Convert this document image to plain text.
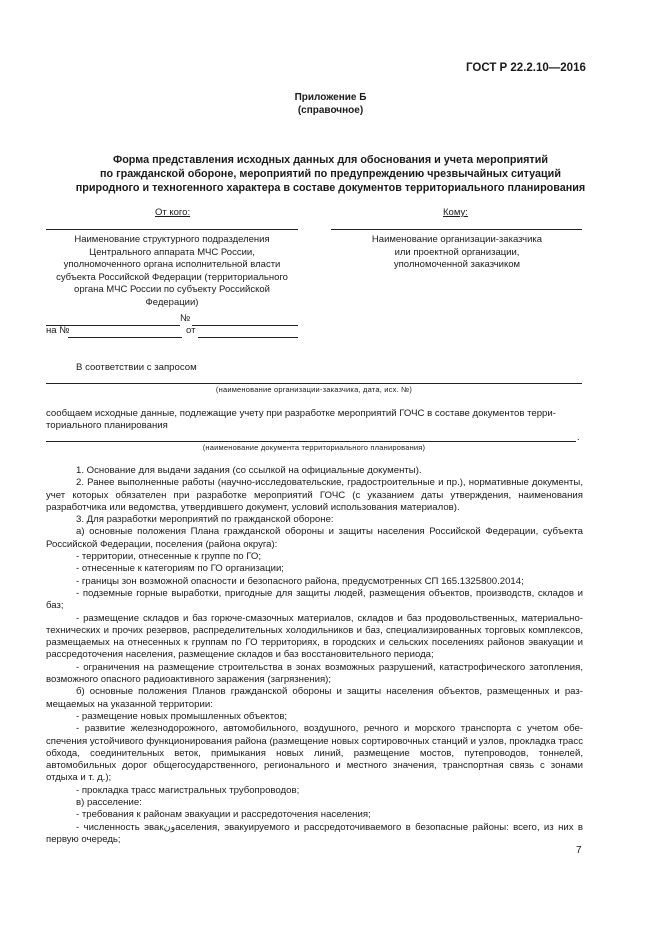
ГОСТ Р 22.2.10—2016
Приложение Б
(справочное)
Форма представления исходных данных для обоснования и учета мероприятий
по гражданской обороне, мероприятий по предупреждению чрезвычайных ситуаций
природного и техногенного характера в составе документов территориального планирования
От кого:	Кому:
Наименование структурного подразделения
Центрального аппарата МЧС России,
уполномоченного органа исполнительной власти
субъекта Российской Федерации (территориального
органа МЧС России по субъекту Российской
Федерации)
Наименование организации-заказчика
или проектной организации,
уполномоченной заказчиком
№
на №	от
В соответствии с запросом
(наименование организации-заказчика, дата, исх. №)
сообщаем исходные данные, подлежащие учету при разработке мероприятий ГОЧС в составе документов терри-
ториального планирования
.
(наименование документа территориального планирования)

1. Основание для выдачи задания (со ссылкой на официальные документы).

2. Ранее выполненные работы (научно-исследовательские, градостроительные и пр.), нормативные документы, учет которых обязателен при разработке мероприятий ГОЧС (с указанием даты утверждения, наименования разработчика или ведомства, утвердившего документ, условий использования материалов).

3. Для разработки мероприятий по гражданской обороне:

а) основные положения Плана гражданской обороны и защиты населения Российской Федерации, субъекта Российской Федерации, поселения (района округа):

- территории, отнесенные к группе по ГО;

- отнесенные к категориям по ГО организации;

- границы зон возможной опасности и безопасного района, предусмотренных СП 165.1325800.2014;

- подземные горные выработки, пригодные для защиты людей, размещения объектов, производств, складов и баз;

- размещение складов и баз горюче-смазочных материалов, складов и баз продовольственных, материально-технических и прочих резервов, распределительных холодильников и баз, специализированных торговых комплексов, размещаемых на отнесенных к группам по ГО территориях, в городских и сельских поселениях районов эвакуации и рассредоточения населения, размещение складов и баз восстановительного периода;

- ограничения на размещение строительства в зонах возможных разрушений, катастрофического затопления, возможного опасного радиоактивного заражения (загрязнения);

б) основные положения Планов гражданской обороны и защиты населения объектов, размещенных и размещаемых на указанной территории:

- размещение новых промышленных объектов;

- развитие железнодорожного, автомобильного, воздушного, речного и морского транспорта с учетом обеспечения устойчивого функционирования района (размещение новых сортировочных станций и узлов, прокладка трасс обхода, соединительных веток, примыкания новых линий, размещение мостов, путепроводов, тоннелей, автомобильных дорог общегосударственного, регионального и местного значения, транспортная связь с зонами отдыха и т. д.);

- прокладка трасс магистральных трубопроводов;

в) расселение:

- требования к районам эвакуации и рассредоточения населения;

- численность эвакونаселения, эвакуируемого и рассредоточиваемого в безопасные районы: всего, из них в первую очередь;

7
